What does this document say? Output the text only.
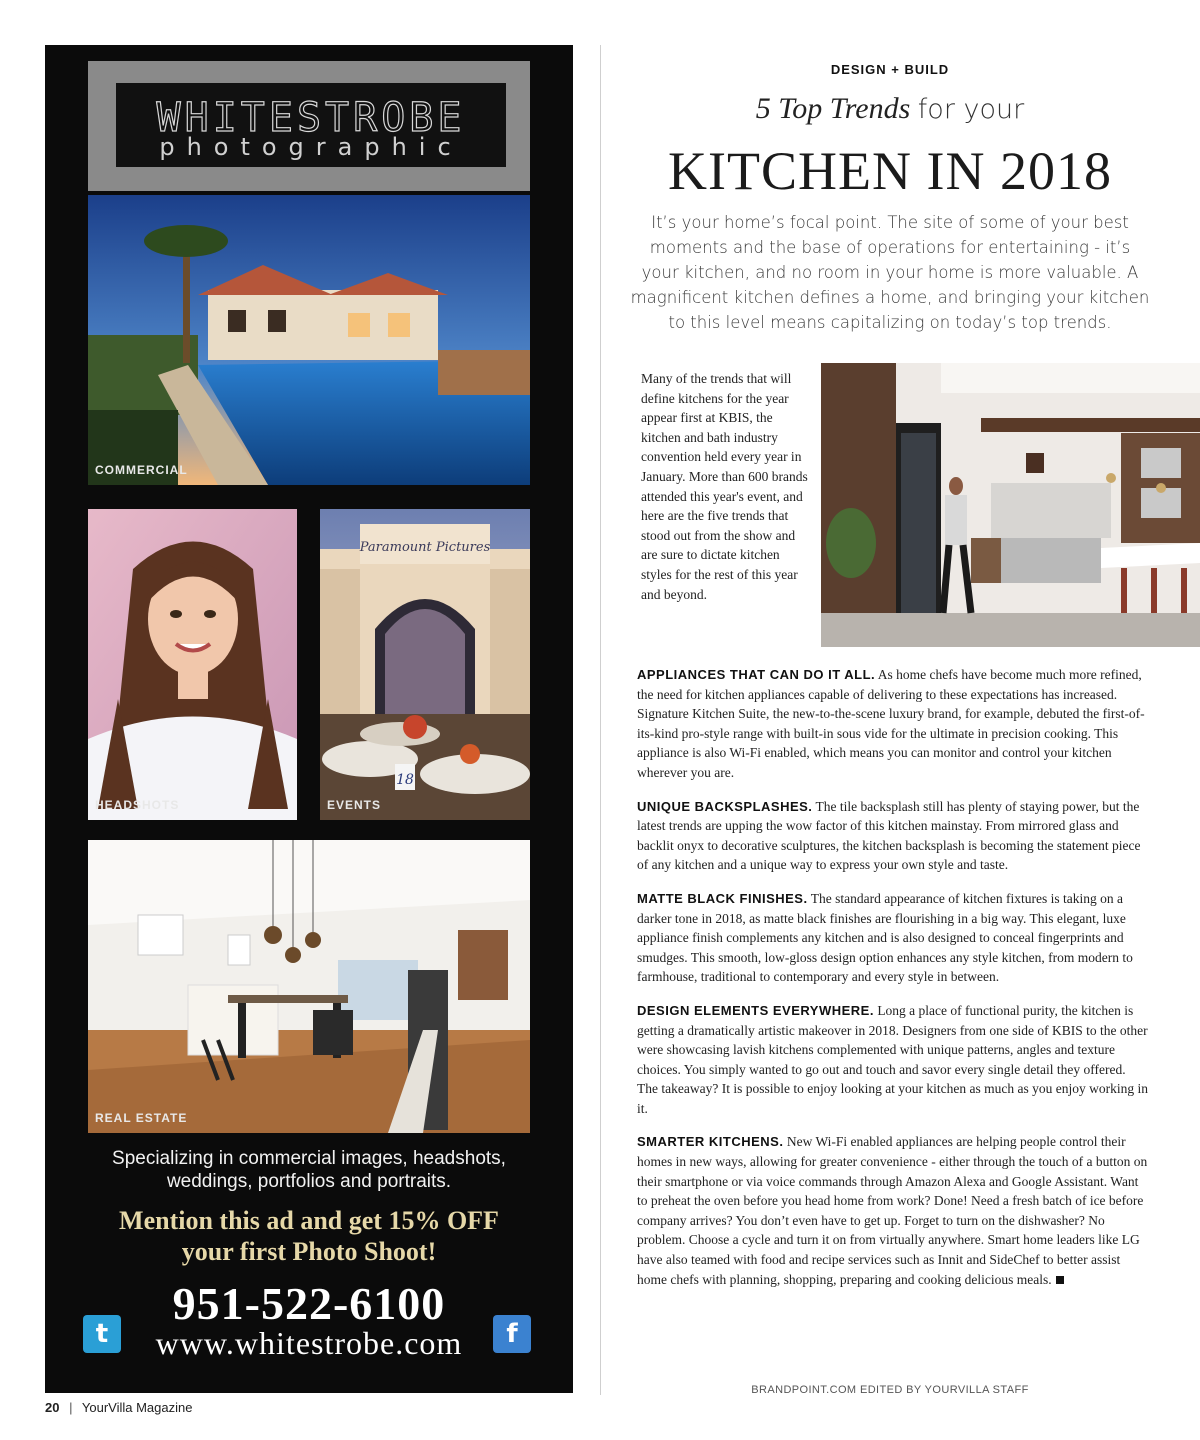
WHITESTROBE
photographic
COMMERCIAL
HEADSHOTS
Paramount Pictures
18
EVENTS
REAL ESTATE
Specializing in commercial images, headshots,
weddings, portfolios and portraits.
Mention this ad and get 15% OFF
your first Photo Shoot!
951-522-6100
t	www.whitestrobe.com	f
20 | YourVilla Magazine
DESIGN + BUILD
5 Top Trends for your
KITCHEN IN 2018
It’s your home’s focal point. The site of some of your best moments and the base of operations for entertaining - it’s your kitchen, and no room in your home is more valuable. A magnificent kitchen defines a home, and bringing your kitchen to this level means capitalizing on today’s top trends.
Many of the trends that will define kitchens for the year appear first at KBIS, the kitchen and bath industry convention held every year in January. More than 600 brands attended this year's event, and here are the five trends that stood out from the show and are sure to dictate kitchen styles for the rest of this year and beyond.

APPLIANCES THAT CAN DO IT ALL. As home chefs have become much more refined, the need for kitchen appliances capable of delivering to these expectations has increased. Signature Kitchen Suite, the new-to-the-scene luxury brand, for example, debuted the first-of-its-kind pro-style range with built-in sous vide for the ultimate in precision cooking. This appliance is also Wi-Fi enabled, which means you can monitor and control your kitchen wherever you are.

UNIQUE BACKSPLASHES. The tile backsplash still has plenty of staying power, but the latest trends are upping the wow factor of this kitchen mainstay. From mirrored glass and backlit onyx to decorative sculptures, the kitchen backsplash is becoming the statement piece of any kitchen and a unique way to express your own style and taste.

MATTE BLACK FINISHES. The standard appearance of kitchen fixtures is taking on a darker tone in 2018, as matte black finishes are flourishing in a big way. This elegant, luxe appliance finish complements any kitchen and is also designed to conceal fingerprints and smudges. This smooth, low-gloss design option enhances any style kitchen, from modern to farmhouse, traditional to contemporary and every style in between.

DESIGN ELEMENTS EVERYWHERE. Long a place of functional purity, the kitchen is getting a dramatically artistic makeover in 2018. Designers from one side of KBIS to the other were showcasing lavish kitchens complemented with unique patterns, angles and texture choices. You simply wanted to go out and touch and savor every single detail they offered. The takeaway? It is possible to enjoy looking at your kitchen as much as you enjoy working in it.

SMARTER KITCHENS. New Wi-Fi enabled appliances are helping people control their homes in new ways, allowing for greater convenience - either through the touch of a button on their smartphone or via voice commands through Amazon Alexa and Google Assistant. Want to preheat the oven before you head home from work? Done! Need a fresh batch of ice before company arrives? You don’t even have to get up. Forget to turn on the dishwasher? No problem. Choose a cycle and turn it on from virtually anywhere. Smart home leaders like LG have also teamed with food and recipe services such as Innit and SideChef to better assist home chefs with planning, shopping, preparing and cooking delicious meals.

BRANDPOINT.COM EDITED BY YOURVILLA STAFF
